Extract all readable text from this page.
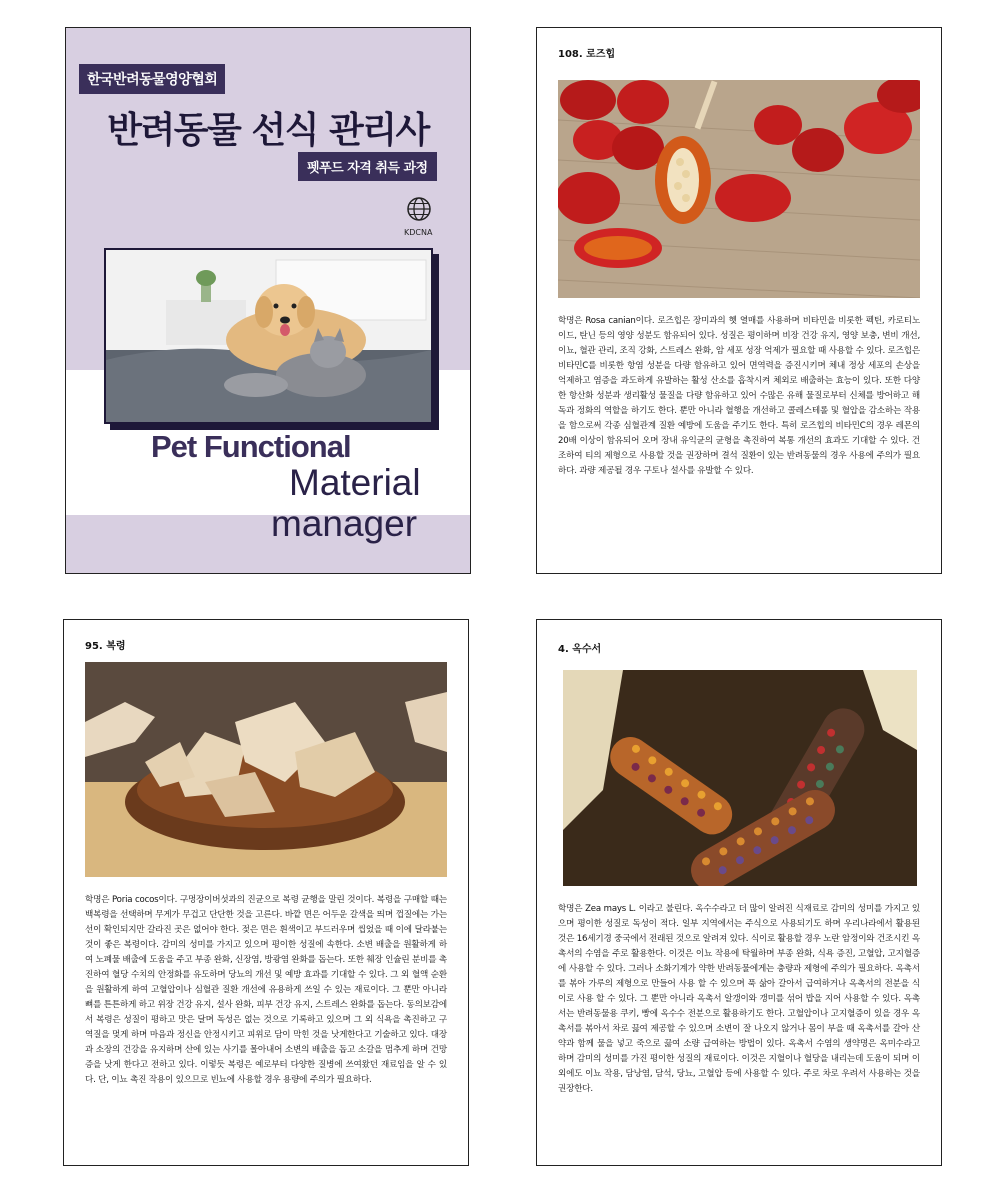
한국반려동물영양협회
반려동물 선식 관리사
펫푸드 자격 취득 과정
KDCNA
Pet Functional
Material
manager
108. 로즈힙
학명은 Rosa canian이다. 로즈힙은 장미과의 헷 열매를 사용하며 비타민을 비롯한 펙틴, 카로티노이드, 탄닌 등의 영양 성분도 함유되어 있다. 성질은 평이하며 비장 건강 유지, 영양 보충, 변비 개선, 이뇨, 혈관 관리, 조직 강화, 스트레스 완화, 암 세포 성장 억제가 필요할 때 사용할 수 있다. 로즈힙은 비타민C를 비롯한 항염 성분을 다량 함유하고 있어 면역력을 증진시키며 체내 정상 세포의 손상을 억제하고 염증을 과도하게 유발하는 활성 산소를 흡착시켜 체외로 배출하는 효능이 있다. 또한 다양한 항산화 성분과 생리활성 물질을 다량 함유하고 있어 수많은 유해 물질로부터 신체를 방어하고 해독과 정화의 역할을 하기도 한다. 뿐만 아니라 혈행을 개선하고 콜레스테롤 및 혈압을 감소하는 작용을 함으로써 각종 심혈관계 질환 예방에 도움을 주기도 한다. 특히 로즈힙의 비타민C의 경우 레몬의 20배 이상이 함유되어 오며 장내 유익균의 균형을 촉진하여 복통 개선의 효과도 기대할 수 있다. 건조하여 티의 제형으로 사용할 것을 권장하며 결석 질환이 있는 반려동물의 경우 사용에 주의가 필요하다. 과량 제공될 경우 구토나 설사를 유발할 수 있다.
95. 복령
학명은 Poria cocos이다. 구멍장이버섯과의 진균으로 복령 균행을 말린 것이다. 복령을 구매할 때는 백복령을 선택하며 무게가 무겁고 단단한 것을 고른다. 바깥 면은 어두운 갈색을 띄며 껍질에는 가는 선이 확인되지만 갈라진 곳은 없어야 한다. 젖은 면은 흰색이고 부드러우며 씹었을 때 이에 달라붙는 것이 좋은 복령이다. 감미의 성미를 가지고 있으며 평이한 성질에 속한다. 소변 배출을 원활하게 하여 노폐물 배출에 도움을 주고 부종 완화, 신장염, 방광염 완화를 돕는다. 또한 췌장 인슐린 분비를 촉진하여 혈당 수치의 안정화를 유도하며 당뇨의 개선 및 예방 효과를 기대할 수 있다. 그 외 혈액 순환을 원활하게 하여 고혈압이나 심혈관 질환 개선에 유용하게 쓰일 수 있는 재료이다. 그 뿐만 아니라 뼈를 튼튼하게 하고 위장 건강 유지, 설사 완화, 피부 건강 유지, 스트레스 완화를 돕는다. 동의보감에서 복령은 성질이 평하고 맛은 달며 독성은 없는 것으로 기록하고 있으며 그 외 식욕을 촉진하고 구역질을 멎게 하며 마음과 정신을 안정시키고 피위로 담이 막힌 것을 낫게한다고 기술하고 있다. 대장과 소장의 건강을 유지하며 산에 있는 사기를 몰아내어 소변의 배출을 돕고 소갈을 멈추게 하며 건망증을 낫게 한다고 전하고 있다. 이렇듯 복령은 예로부터 다양한 질병에 쓰여왔던 재료임을 알 수 있다. 단, 이뇨 촉진 작용이 있으므로 빈뇨에 사용할 경우 용량에 주의가 필요하다.
4. 옥수서
학명은 Zea mays L. 이라고 불린다. 옥수수라고 더 많이 알려진 식재료로 감미의 성미를 가지고 있으며 평이한 성질로 독성이 적다. 일부 지역에서는 주식으로 사용되기도 하며 우리나라에서 활용된 것은 16세기경 중국에서 전래된 것으로 알려져 있다. 식이로 활용할 경우 노란 암정이와 건조시킨 옥촉서의 수염을 주로 활용한다. 이것은 이뇨 작용에 탁월하며 부종 완화, 식욕 증진, 고혈압, 고지혈증에 사용할 수 있다. 그러나 소화기계가 약한 반려동물에게는 충량과 제형에 주의가 필요하다. 옥촉서를 볶아 가루의 제형으로 만들어 사용 할 수 있으며 푹 삶아 갈아서 급여하거나 옥촉서의 전분을 식이로 사용 할 수 있다. 그 뿐만 아니라 옥촉서 알갱이와 갱미를 섞어 밥을 지어 사용할 수 있다. 옥촉서는 반려동물용 쿠키, 빵에 옥수수 전분으로 활용하기도 한다. 고혈압이나 고지혈증이 있을 경우 옥촉서를 볶아서 차로 끓여 제공할 수 있으며 소변이 잘 나오지 않거나 몸이 부을 때 옥촉서를 갈아 산약과 함께 물을 넣고 죽으로 끓여 소량 급여하는 방법이 있다. 옥촉서 수염의 생약명은 옥미수라고 하며 감미의 성미를 가진 평이한 성질의 재료이다. 이것은 지혈이나 혈당을 내리는데 도움이 되며 이 외에도 이뇨 작용, 담낭염, 담석, 당뇨, 고혈압 등에 사용할 수 있다. 주로 차로 우려서 사용하는 것을 권장한다.
